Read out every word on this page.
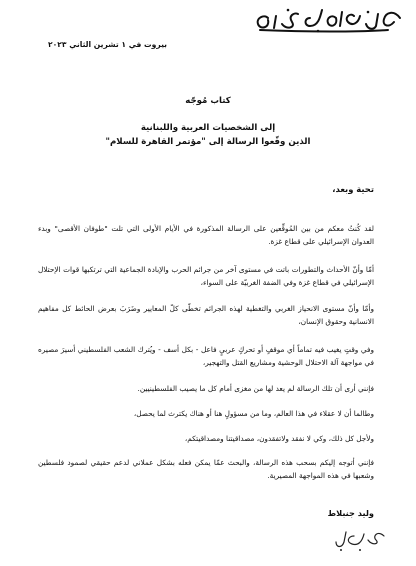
بيروت في ١ تشرين الثاني ٢٠٢٣
كتاب مُوجّه
إلى الشخصيات العربية واللبنانية
الذين وقّعوا الرسالة إلى "مؤتمر القاهرة للسلام"
تحية وبعد،
لقد كُنتُ معكم من بين المُوقِّعين على الرسالة المذكورة في الأيام الأولى التي تلت "طوفان الأقصى" وبدء العدوان الإسرائيلي على قطاع غزة.
أمّا وأنّ الأحداث والتطورات باتت في مستوى آخر من جرائم الحرب والإبادة الجماعية التي ترتكبها قوات الإحتلال الإسرائيلي في قطاع غزة وفي الضفة الغربيّة على السواء،
وأمّا وأنّ مستوى الانحياز الغربي والتغطية لهذه الجرائم تخطّى كلّ المعايير وضَرَبَ بعرض الحائط كل مفاهيم الانسانية وحقوق الإنسان،
وفي وقتٍ يغيب فيه تماماً أي موقفٍ أو تحركٍ عربيٍ فاعل - بكل أسف - ويُترك الشعب الفلسطيني أسيرَ مصيره في مواجهة آلة الاحتلال الوحشية ومشاريع القتل والتهجير،
فإنني أرى أن تلك الرسالة لم يعد لها من مغزى أمام كل ما يصيب الفلسطينيين.
وطالما أن لا عقلاء في هذا العالم، وما من مسؤولٍ هنا أو هناك يكترث لما يحصل،
ولأجل كل ذلك، وكي لا نفقد ولاتفقدون، مصداقيتنا ومصداقيتكم،
فإنني أتوجه إليكم بسحب هذه الرسالة، والبحث عمّا يمكن فعله بشكل عملاني لدعم حقيقي لصمود فلسطين وشعبها في هذه المواجهة المصيرية.
وليد جنبلاط
